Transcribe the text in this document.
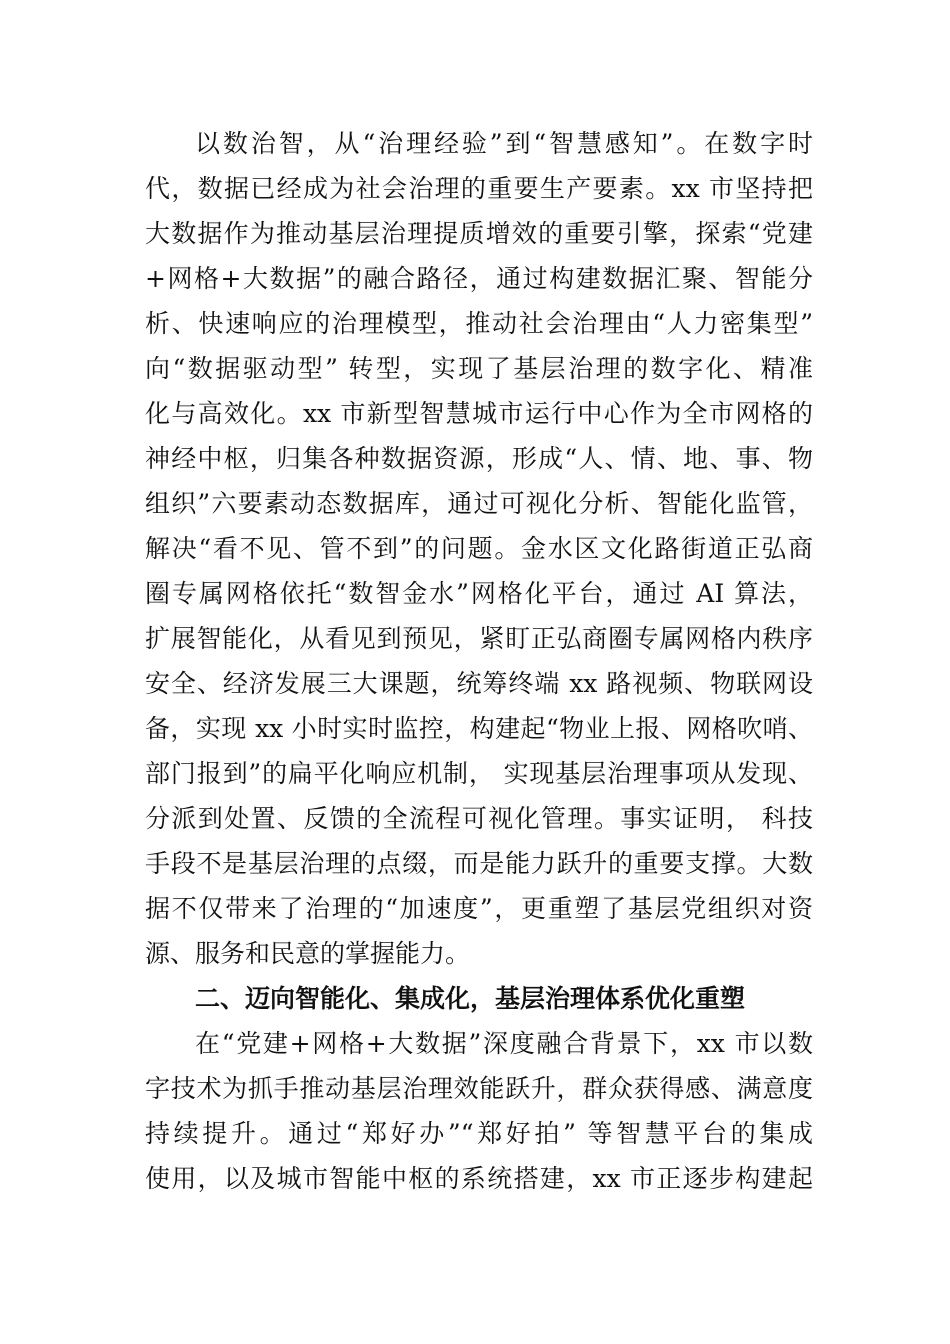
以数治智，从“治理经验”到“智慧感知”。在数字时
代，数据已经成为社会治理的重要生产要素。xx 市坚持把
大数据作为推动基层治理提质增效的重要引擎，探索“党建
+网格+大数据”的融合路径，通过构建数据汇聚、智能分
析、快速响应的治理模型，推动社会治理由“人力密集型”
向“数据驱动型” 转型，实现了基层治理的数字化、精准
化与高效化。xx 市新型智慧城市运行中心作为全市网格的
神经中枢，归集各种数据资源，形成“人、情、地、事、物
组织”六要素动态数据库，通过可视化分析、智能化监管，
解决“看不见、管不到”的问题。金水区文化路街道正弘商
圈专属网格依托“数智金水”网格化平台，通过 AI 算法，
扩展智能化，从看见到预见，紧盯正弘商圈专属网格内秩序
安全、经济发展三大课题，统筹终端 xx 路视频、物联网设
备，实现 xx 小时实时监控，构建起“物业上报、网格吹哨、
部门报到”的扁平化响应机制， 实现基层治理事项从发现、
分派到处置、反馈的全流程可视化管理。事实证明， 科技
手段不是基层治理的点缀，而是能力跃升的重要支撑。大数
据不仅带来了治理的“加速度”，更重塑了基层党组织对资
源、服务和民意的掌握能力。
二、迈向智能化、集成化，基层治理体系优化重塑
在“党建+网格+大数据”深度融合背景下，xx 市以数
字技术为抓手推动基层治理效能跃升，群众获得感、满意度
持续提升。通过“郑好办”“郑好拍” 等智慧平台的集成
使用，以及城市智能中枢的系统搭建，xx 市正逐步构建起
